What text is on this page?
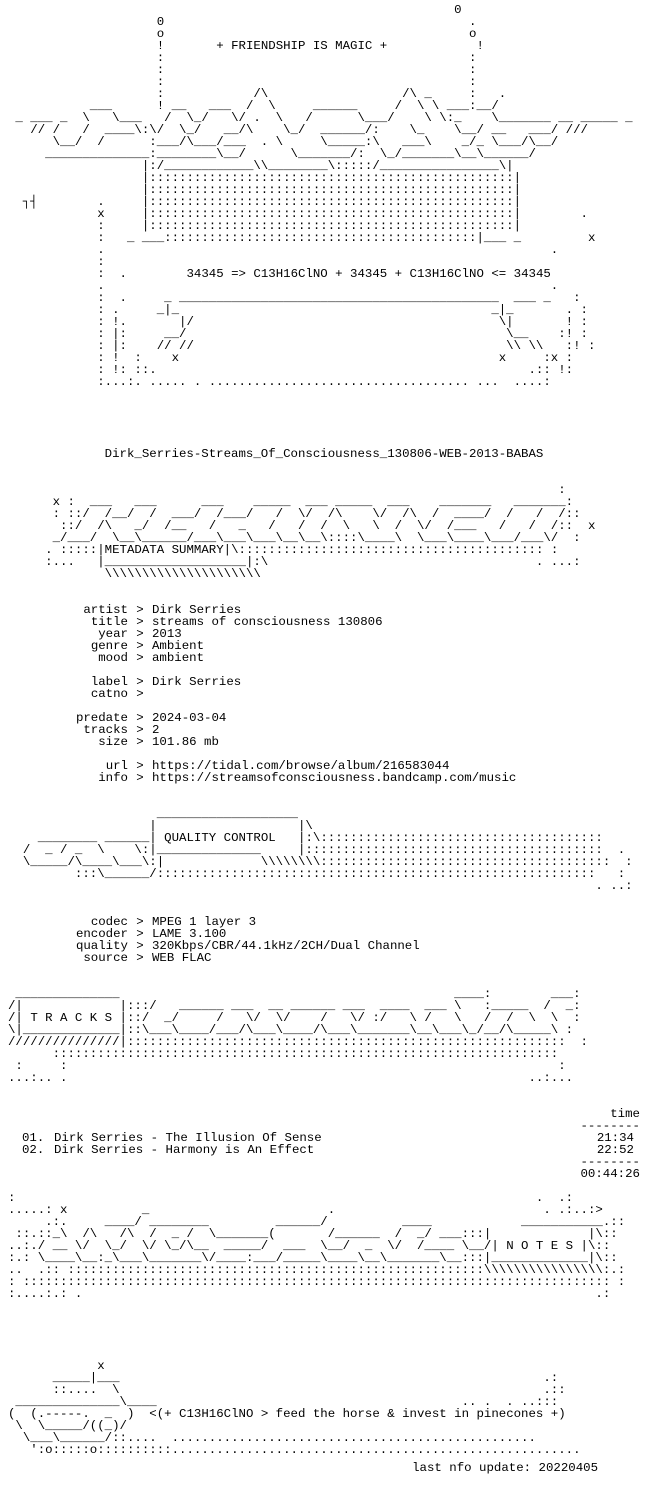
0
0                                         .
o                                         o
!	+ FRIENDSHIP IS MAGIC +	!
:                                         :
:                                         :
:                                         :
:            /\                  /\ _     :   .
___      ! __   ___  /  \     ______     /  \ \ ___:__/
_ ___ _  \   \___   /  \_/   \/ .  \   /      \___/    \ \:_    \_______ __ _____ _
// /   /  ____\:\/  \_/   __/\    \_/  ______/:    \_    \__/ __   ___/ ///
\__/  /      :___/\___/___  . \     \_____:\   ___\    _/_ \___/\__/
______________:________\__/      \_______/:  \_/_______\__\______/
|:/____________\\________\:::::/________________\|
|:::::::::::::::::::::::::::::::::::::::::::::::::|
|:::::::::::::::::::::::::::::::::::::::::::::::::|
┐┤        .     |:::::::::::::::::::::::::::::::::::::::::::::::::|
x     |:::::::::::::::::::::::::::::::::::::::::::::::::|        .
:     |:::::::::::::::::::::::::::::::::::::::::::::::::|
:   _ ___::::::::::::::::::::::::::::::::::::::::::|___ _         x
.                                                            .
:
:  .        34345 => C13H16ClNO + 34345 + C13H16ClNO <= 34345
.                                                            .
:  .     _ ___________________________________________  ___ _   :
: .     _|_                                          _|_       . :
: !.       |/                                         \|       ! :
: |:     __/                                           \__    :! :
: |:    // //                                          \\ \\   :! :
: !  :    x                                           x     :x :
: !: ::.                                                  .:: !:
:...:. ..... . ................................... ...  ....:
Dirk_Serries-Streams_Of_Consciousness_130806-WEB-2013-BABAS
:
x :  ___   ___      ___    _____  ___ _____  ___    _______   _______:
: ::/  /__/  /  ___/  /___/   /  \/  /\    \/  /\  /  ____/  /   /  /::
::/  /\   _/  /__   /   _   /   /  /  \   \  /  \/  /___   /   /  /::  x
_/___/  \__\______/___\___\___\__\__\::::\____\  \___\____\___/___\/  :
. :::::|METADATA SUMMARY|\::::::::::::::::::::::::::::::::::::::::: :
:...   |___________________|:\                                    . ...:
\\\\\\\\\\\\\\\\\\\\\
artist > Dirk Serries
title > streams of consciousness 130806
year > 2013
genre > Ambient
mood > ambient
label > Dirk Serries
catno >
predate > 2024-03-04
tracks > 2
size > 101.86 mb
url > https://tidal.com/browse/album/216583044
info > https://streamsofconsciousness.bandcamp.com/music
___________________
|                   |\
________ ______| QUALITY CONTROL   |:\::::::::::::::::::::::::::::::::::::::
/  _ / _  \    \:|______________     |::::::::::::::::::::::::::::::::::::::::  .
\_____/\____\___\:|             \\\\\\\\:::::::::::::::::::::::::::::::::::::::  :
:::\______/:::::::::::::::::::::::::::::::::::::::::::::::::::::::::::   :
. ..:
codec > MPEG 1 layer 3
encoder > LAME 3.100
quality > 320Kbps/CBR/44.1kHz/2CH/Dual Channel
source > WEB FLAC
______________                                             ____:        ___:
/|             |:::/   ______ ___  __ ______ ___  ____  ___ \   :_____  /  _:
/| T R A C K S |::/  _/     /   \/  \/    /   \/ :/   \ /   \   /  /  \  \  :
\|_____________|::\___\____/___/\___\____/\___\_______\__\___\_/__/\_____\ :
///////////////|:::::::::::::::::::::::::::::::::::::::::::::::::::::::::::  :
::::::::::::::::::::::::::::::::::::::::::::::::::::::::::::::::::::
:     :                                                                  :
...:.. .                                                              ..:...
time
--------
01. Dirk Serries - The Illusion Of Sense	21:34
02. Dirk Serries - Harmony is An Effect	22:52
--------
00:44:26
:                                                                      .  .:
.....: x          _                        .                            . .:..:>
.:.     ____/ ________         ______/          ____            ___________.::
::.::_\  /\   /\  /  _ /  \_______(       /______  /  _/ ___:::|             |\::
..:./ __ \/  \_/  \/ \_/\__  _____/  ___  \__/  _  \/  /____ \__/| N O T E S |\::
:.: \____\__:_\___\_______\/____:___/_____\____\__\_______\__:::|_____________|\::
..  .:: ::::::::::::::::::::::::::::::::::::::::::::::::::::::::\\\\\\\\\\\\\\\\:.:
: ::::::::::::::::::::::::::::::::::::::::::::::::::::::::::::::::::::::::::::::: :
:....:.: .                                                                     .:
x
_____|___                                                         .:
::....  \                                                         .::
______________\____                                         .. .  . ..:::
(  (.-----.  _  )  <(+ C13H16ClNO > feed the horse & invest in pinecones +)
\  \_____/((_)/
\___\______/::....  .................................................
':o:::::o::::::::::.......................................................
last nfo update: 20220405
